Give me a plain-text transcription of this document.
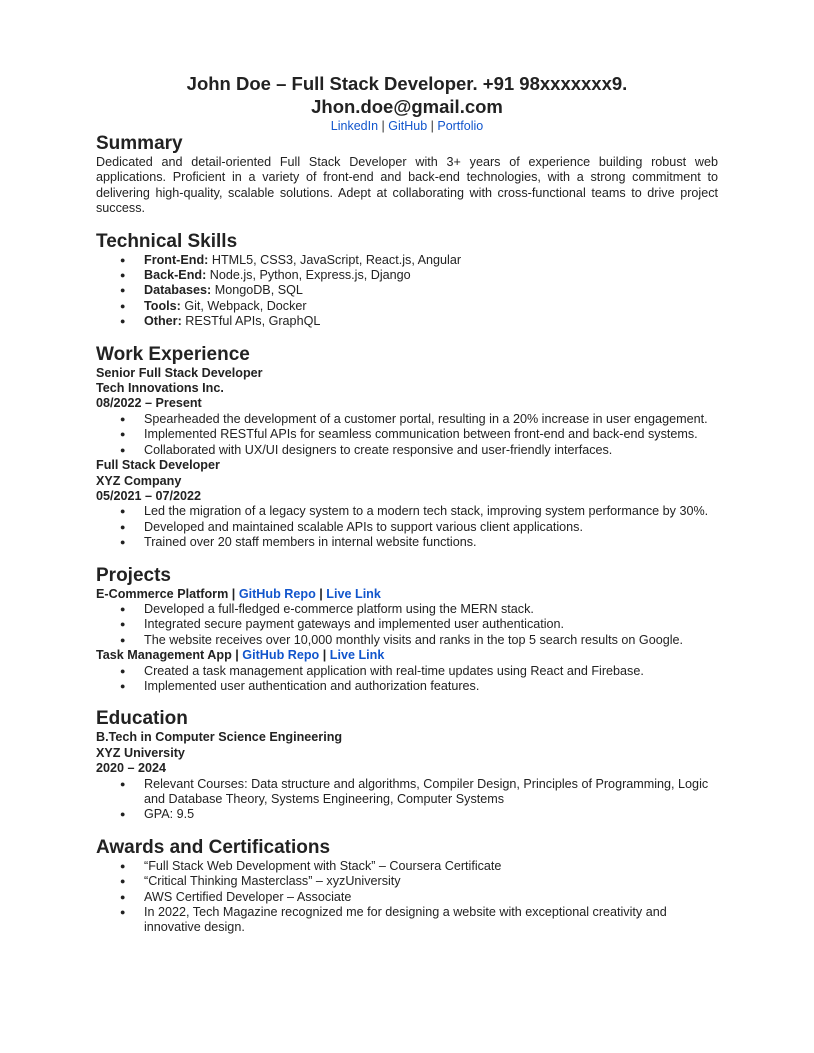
John Doe – Full Stack Developer. +91 98xxxxxxx9.
Jhon.doe@gmail.com
LinkedIn | GitHub | Portfolio
Summary

Dedicated and detail-oriented Full Stack Developer with 3+ years of experience building robust web applications. Proficient in a variety of front-end and back-end technologies, with a strong commitment to delivering high-quality, scalable solutions. Adept at collaborating with cross-functional teams to drive project success.

Technical Skills
● Front-End: HTML5, CSS3, JavaScript, React.js, Angular
● Back-End: Node.js, Python, Express.js, Django
● Databases: MongoDB, SQL
● Tools: Git, Webpack, Docker
● Other: RESTful APIs, GraphQL
Work Experience
Senior Full Stack Developer
Tech Innovations Inc.
08/2022 – Present
● Spearheaded the development of a customer portal, resulting in a 20% increase in user engagement.
● Implemented RESTful APIs for seamless communication between front-end and back-end systems.
● Collaborated with UX/UI designers to create responsive and user-friendly interfaces.
Full Stack Developer
XYZ Company
05/2021 – 07/2022
● Led the migration of a legacy system to a modern tech stack, improving system performance by 30%.
● Developed and maintained scalable APIs to support various client applications.
● Trained over 20 staff members in internal website functions.
Projects
E-Commerce Platform | GitHub Repo | Live Link
● Developed a full-fledged e-commerce platform using the MERN stack.
● Integrated secure payment gateways and implemented user authentication.
● The website receives over 10,000 monthly visits and ranks in the top 5 search results on Google.
Task Management App | GitHub Repo | Live Link
● Created a task management application with real-time updates using React and Firebase.
● Implemented user authentication and authorization features.
Education
B.Tech in Computer Science Engineering
XYZ University
2020 – 2024
● Relevant Courses: Data structure and algorithms, Compiler Design, Principles of Programming, Logic and Database Theory, Systems Engineering, Computer Systems
● GPA: 9.5
Awards and Certifications
● “Full Stack Web Development with Stack” – Coursera Certificate
● “Critical Thinking Masterclass” – xyzUniversity
● AWS Certified Developer – Associate
● In 2022, Tech Magazine recognized me for designing a website with exceptional creativity and innovative design.
